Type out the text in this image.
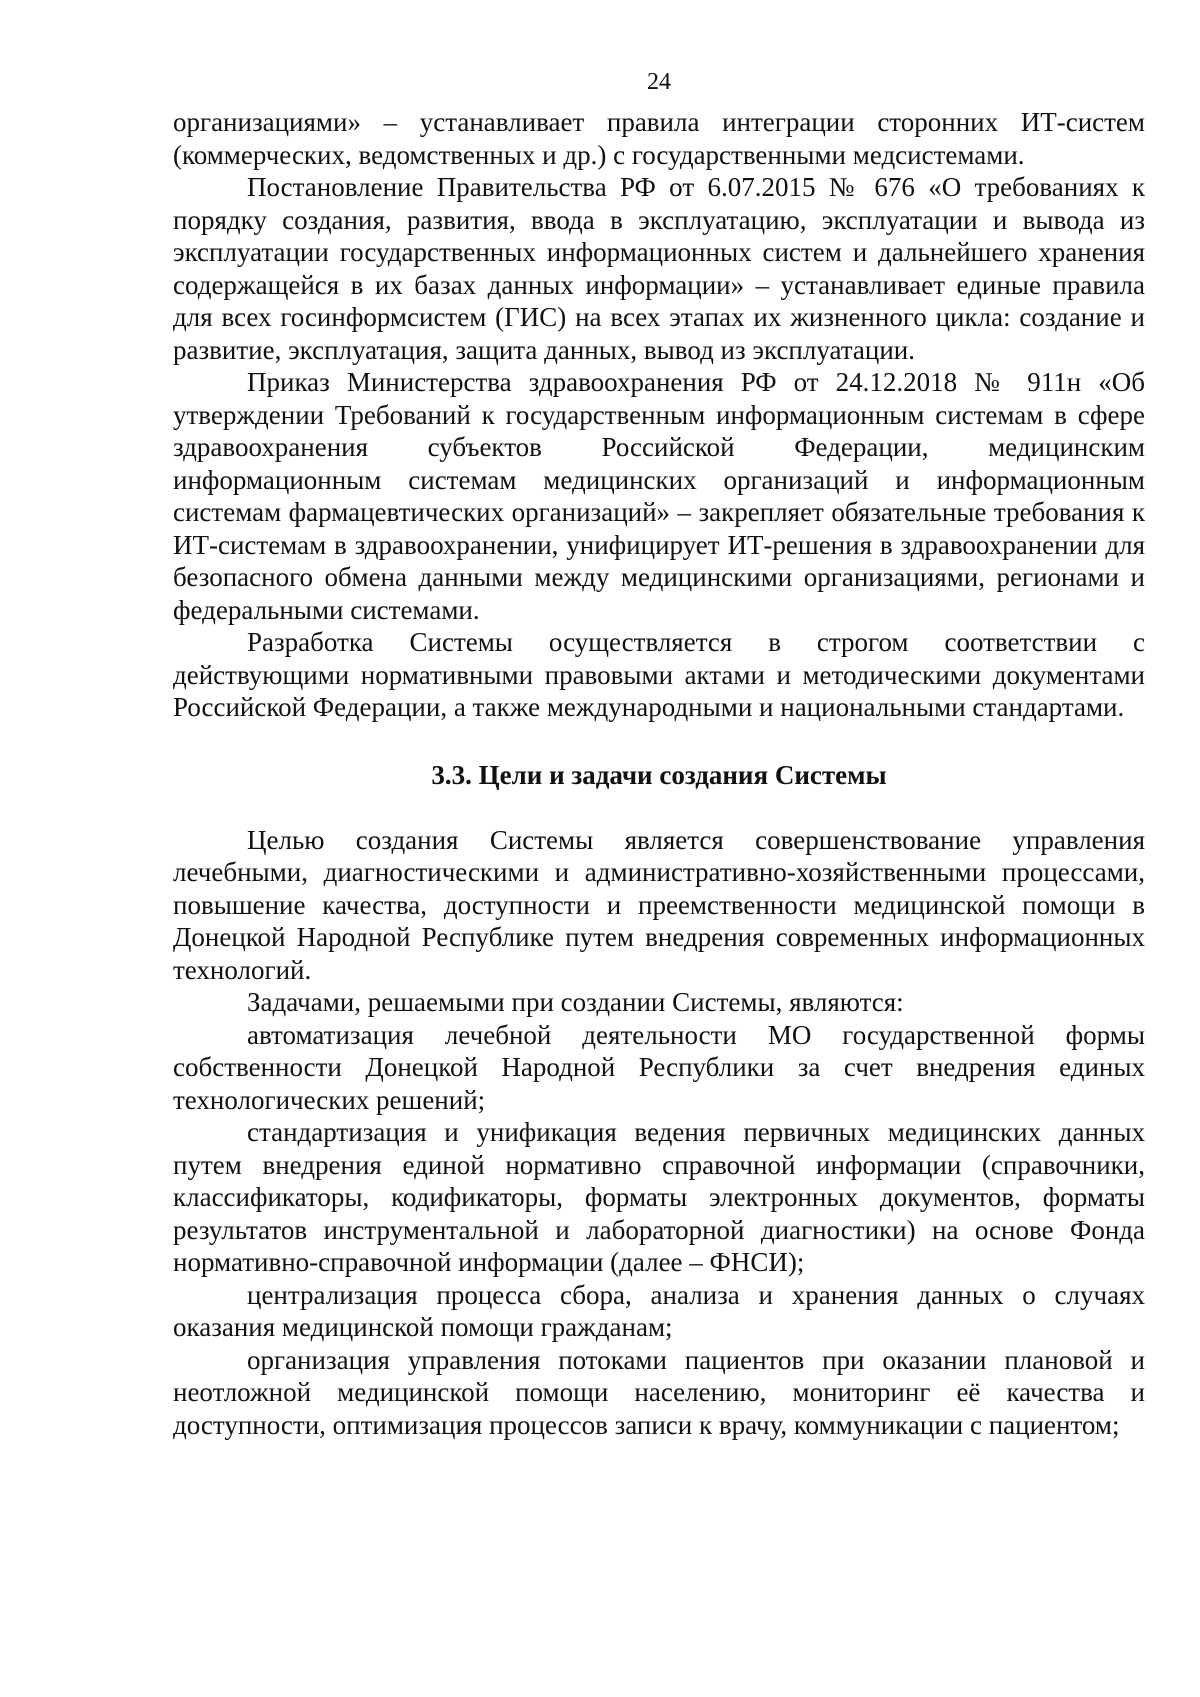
24

организациями» – устанавливает правила интеграции сторонних ИТ-систем (коммерческих, ведомственных и др.) с государственными медсистемами.

Постановление Правительства РФ от 6.07.2015 № 676 «О требованиях к порядку создания, развития, ввода в эксплуатацию, эксплуатации и вывода из эксплуатации государственных информационных систем и дальнейшего хранения содержащейся в их базах данных информации» – устанавливает единые правила для всех госинформсистем (ГИС) на всех этапах их жизненного цикла: создание и развитие, эксплуатация, защита данных, вывод из эксплуатации.

Приказ Министерства здравоохранения РФ от 24.12.2018 № 911н «Об утверждении Требований к государственным информационным системам в сфере здравоохранения субъектов Российской Федерации, медицинским информационным системам медицинских организаций и информационным системам фармацевтических организаций» – закрепляет обязательные требования к ИТ-системам в здравоохранении, унифицирует ИТ-решения в здравоохранении для безопасного обмена данными между медицинскими организациями, регионами и федеральными системами.

Разработка Системы осуществляется в строгом соответствии с действующими нормативными правовыми актами и методическими документами Российской Федерации, а также международными и национальными стандартами.

3.3. Цели и задачи создания Системы

Целью создания Системы является совершенствование управления лечебными, диагностическими и административно-хозяйственными процессами, повышение качества, доступности и преемственности медицинской помощи в Донецкой Народной Республике путем внедрения современных информационных технологий.

Задачами, решаемыми при создании Системы, являются:

автоматизация лечебной деятельности МО государственной формы собственности Донецкой Народной Республики за счет внедрения единых технологических решений;

стандартизация и унификация ведения первичных медицинских данных путем внедрения единой нормативно справочной информации (справочники, классификаторы, кодификаторы, форматы электронных документов, форматы результатов инструментальной и лабораторной диагностики) на основе Фонда нормативно-справочной информации (далее – ФНСИ);

централизация процесса сбора, анализа и хранения данных о случаях оказания медицинской помощи гражданам;

организация управления потоками пациентов при оказании плановой и неотложной медицинской помощи населению, мониторинг её качества и доступности, оптимизация процессов записи к врачу, коммуникации с пациентом;
